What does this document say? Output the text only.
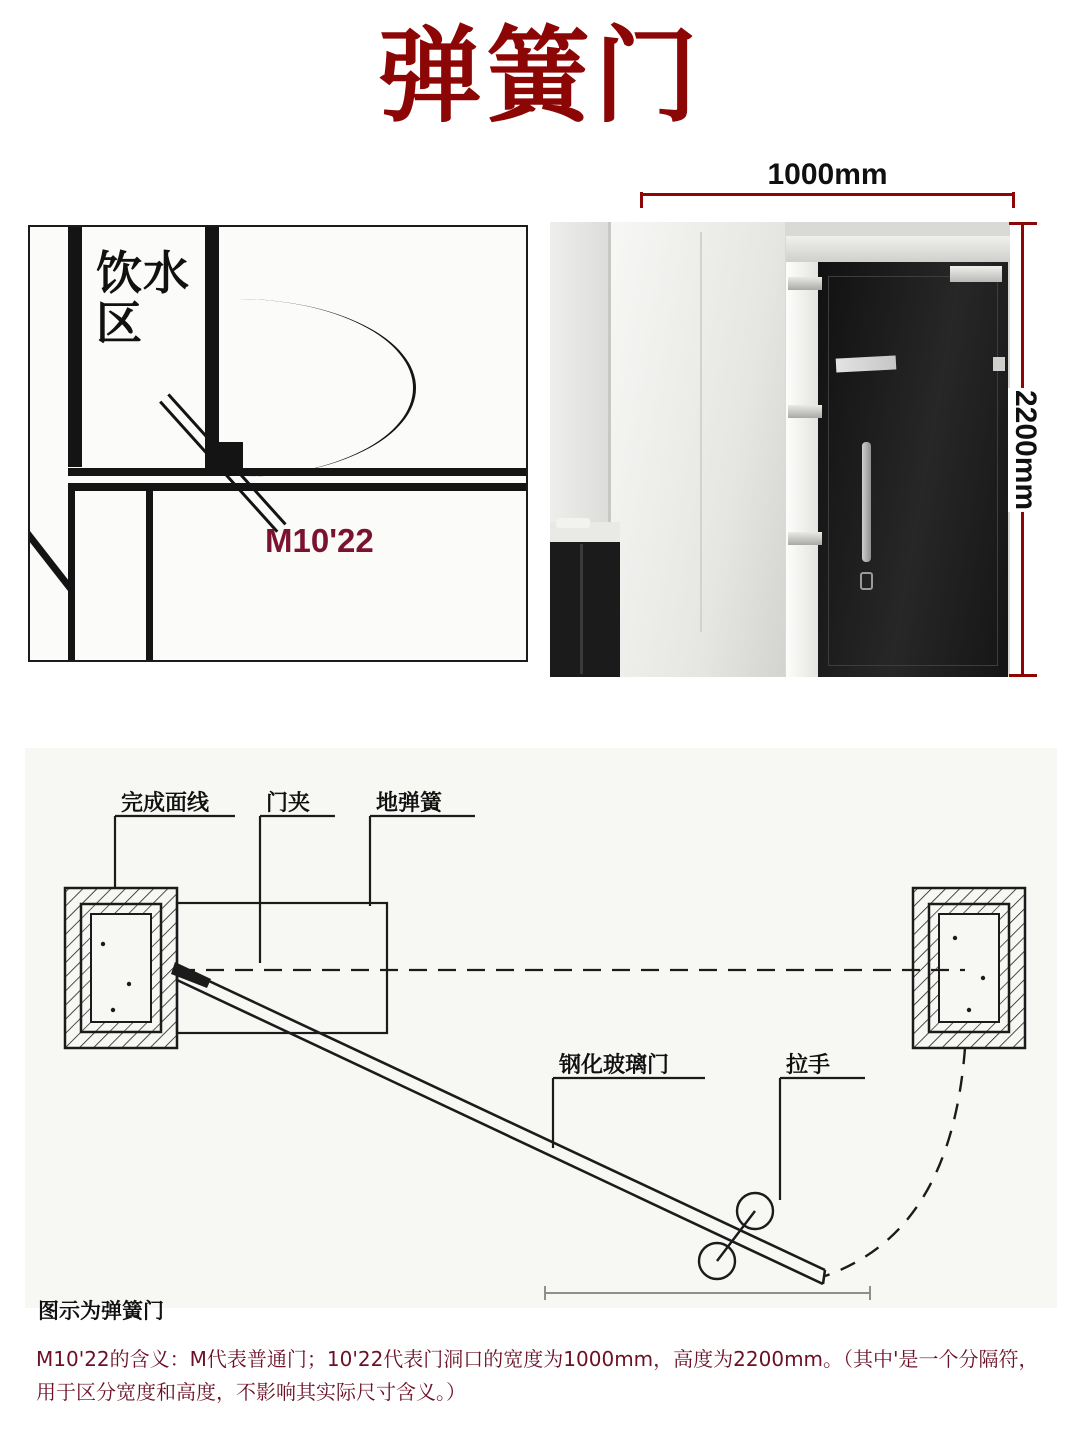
弹簧门
饮水区
M10'22
1000mm
2200mm
完成面线	门夹	地弹簧
钢化玻璃门	拉手
图示为弹簧门
M10'22的含义：M代表普通门；10'22代表门洞口的宽度为1000mm，高度为2200mm。（其中'是一个分隔符，用于区分宽度和高度，不影响其实际尺寸含义。）
